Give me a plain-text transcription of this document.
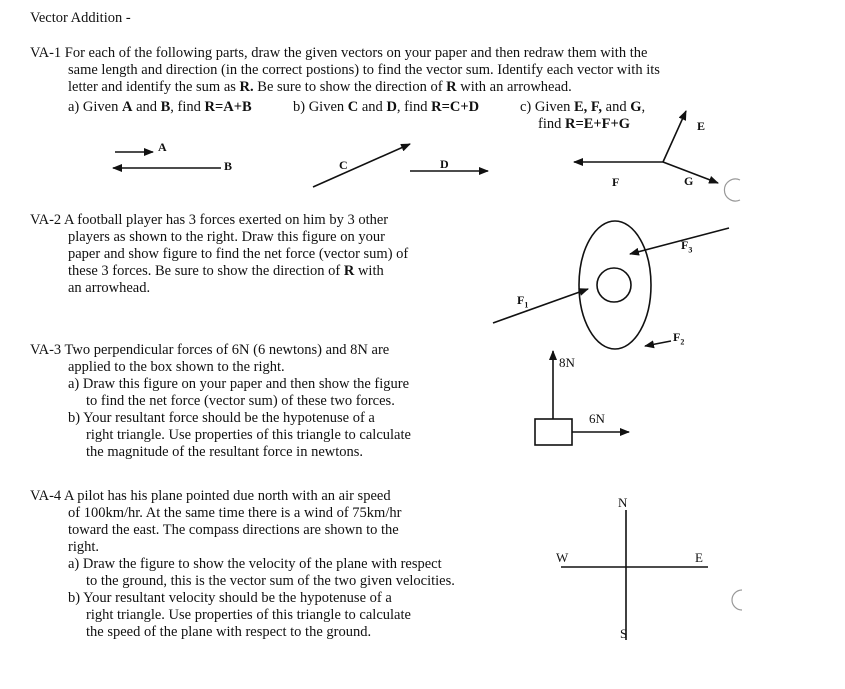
Vector Addition -
VA-1 For each of the following parts, draw the given vectors on your paper and then redraw them with the
same length and direction (in the correct postions) to find the vector sum. Identify each vector with its
letter and identify the sum as R. Be sure to show the direction of R with an arrowhead.
a) Given A and B, find R=A+B	b) Given C and D, find R=C+D	c) Given E, F, and G,
find R=E+F+G
VA-2 A football player has 3 forces exerted on him by 3 other
players as shown to the right. Draw this figure on your
paper and show figure to find the net force (vector sum) of
these 3 forces. Be sure to show the direction of R with
an arrowhead.
VA-3 Two perpendicular forces of 6N (6 newtons) and 8N are
applied to the box shown to the right.
a) Draw this figure on your paper and then show the figure
to find the net force (vector sum) of these two forces.
b) Your resultant force should be the hypotenuse of a
right triangle. Use properties of this triangle to calculate
the magnitude of the resultant force in newtons.
VA-4 A pilot has his plane pointed due north with an air speed
of 100km/hr. At the same time there is a wind of 75km/hr
toward the east. The compass directions are shown to the
right.
a) Draw the figure to show the velocity of the plane with respect
to the ground, this is the vector sum of the two given velocities.
b) Your resultant velocity should be the hypotenuse of a
right triangle. Use properties of this triangle to calculate
the speed of the plane with respect to the ground.
A
B	C	D
E
F	G
$F_1$
$F_3$
$F_2$
8N
6N
N
S
W	E
